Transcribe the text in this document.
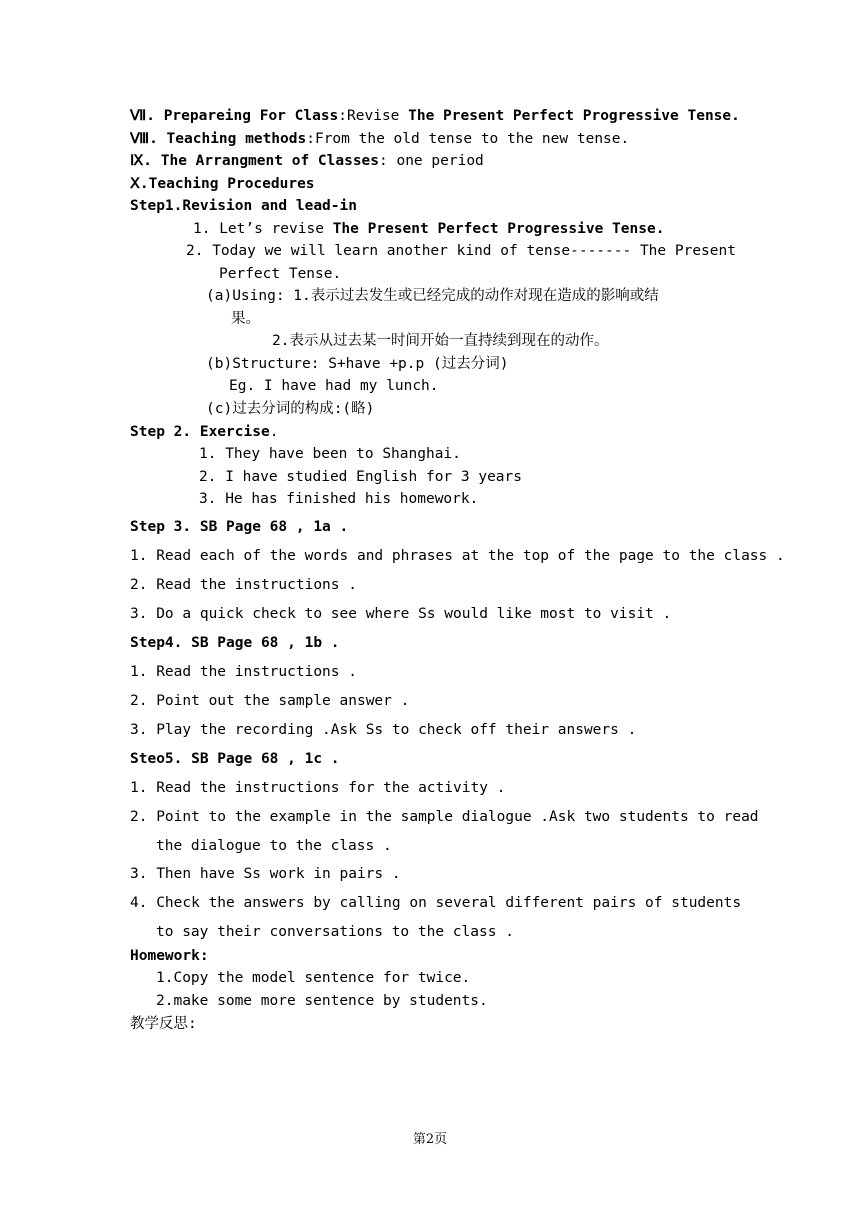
Ⅶ. Prepareing For Class:Revise The Present Perfect Progressive Tense.
Ⅷ. Teaching methods:From the old tense to the new tense.
Ⅸ. The Arrangment of Classes: one period
Ⅹ.Teaching Procedures
Step1.Revision and lead-in
1. Let’s revise The Present Perfect Progressive Tense.
2. Today we will learn another kind of tense------- The Present
Perfect Tense.
(a)Using: 1.表示过去发生或已经完成的动作对现在造成的影响或结
果。
2.表示从过去某一时间开始一直持续到现在的动作。
(b)Structure: S+have +p.p (过去分词)
Eg. I have had my lunch.
(c)过去分词的构成:(略)
Step 2. Exercise.
1. They have been to Shanghai.
2. I have studied English for 3 years
3. He has finished his homework.
Step 3. SB Page 68 , 1a .
1. Read each of the words and phrases at the top of the page to the class .
2. Read the instructions .
3. Do a quick check to see where Ss would like most to visit .
Step4. SB Page 68 , 1b .
1. Read the instructions .
2. Point out the sample answer .
3. Play the recording .Ask Ss to check off their answers .
Steo5. SB Page 68 , 1c .
1. Read the instructions for the activity .
2. Point to the example in the sample dialogue .Ask two students to read
the dialogue to the class .
3. Then have Ss work in pairs .
4. Check the answers by calling on several different pairs of students
to say their conversations to the class .
Homework:
1.Copy the model sentence for twice.
2.make some more sentence by students.
教学反思:
第2页
